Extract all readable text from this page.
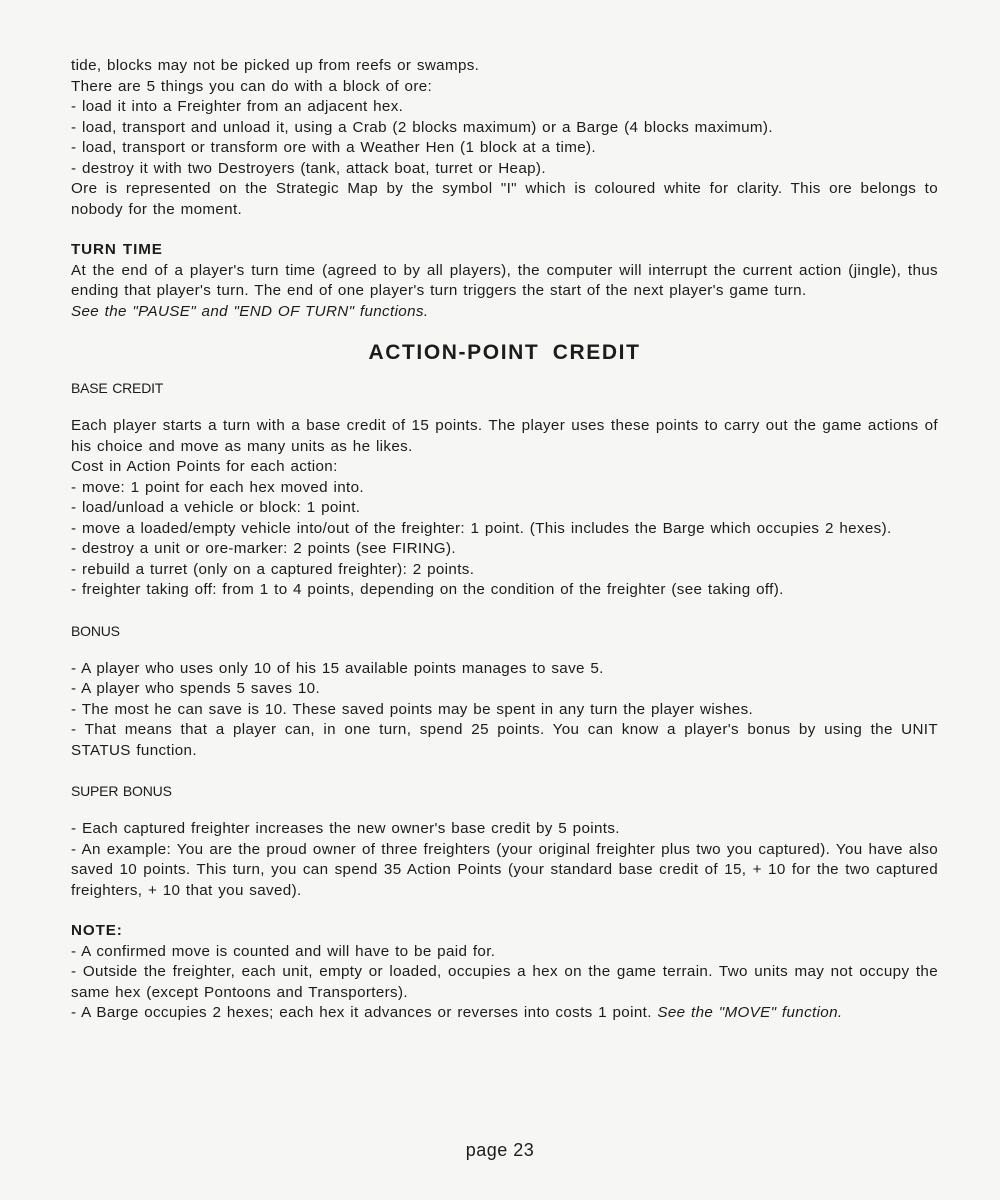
tide, blocks may not be picked up from reefs or swamps.

There are 5 things you can do with a block of ore:

- load it into a Freighter from an adjacent hex.

- load, transport and unload it, using a Crab (2 blocks maximum) or a Barge (4 blocks maximum).

- load, transport or transform ore with a Weather Hen (1 block at a time).

- destroy it with two Destroyers (tank, attack boat, turret or Heap).

Ore is represented on the Strategic Map by the symbol "I" which is coloured white for clarity. This ore belongs to nobody for the moment.

TURN TIME

At the end of a player's turn time (agreed to by all players), the computer will interrupt the current action (jingle), thus ending that player's turn. The end of one player's turn triggers the start of the next player's game turn.

See the "PAUSE" and "END OF TURN" functions.

ACTION-POINT CREDIT

BASE CREDIT

Each player starts a turn with a base credit of 15 points. The player uses these points to carry out the game actions of his choice and move as many units as he likes.

Cost in Action Points for each action:

- move: 1 point for each hex moved into.

- load/unload a vehicle or block: 1 point.

- move a loaded/empty vehicle into/out of the freighter: 1 point. (This includes the Barge which occupies 2 hexes).

- destroy a unit or ore-marker: 2 points (see FIRING).

- rebuild a turret (only on a captured freighter): 2 points.

- freighter taking off: from 1 to 4 points, depending on the condition of the freighter (see taking off).

BONUS

- A player who uses only 10 of his 15 available points manages to save 5.

- A player who spends 5 saves 10.

- The most he can save is 10. These saved points may be spent in any turn the player wishes.

- That means that a player can, in one turn, spend 25 points. You can know a player's bonus by using the UNIT STATUS function.

SUPER BONUS

- Each captured freighter increases the new owner's base credit by 5 points.

- An example: You are the proud owner of three freighters (your original freighter plus two you captured). You have also saved 10 points. This turn, you can spend 35 Action Points (your standard base credit of 15, + 10 for the two captured freighters, + 10 that you saved).

NOTE:

- A confirmed move is counted and will have to be paid for.

- Outside the freighter, each unit, empty or loaded, occupies a hex on the game terrain. Two units may not occupy the same hex (except Pontoons and Transporters).

- A Barge occupies 2 hexes; each hex it advances or reverses into costs 1 point. See the "MOVE" function.

page 23
